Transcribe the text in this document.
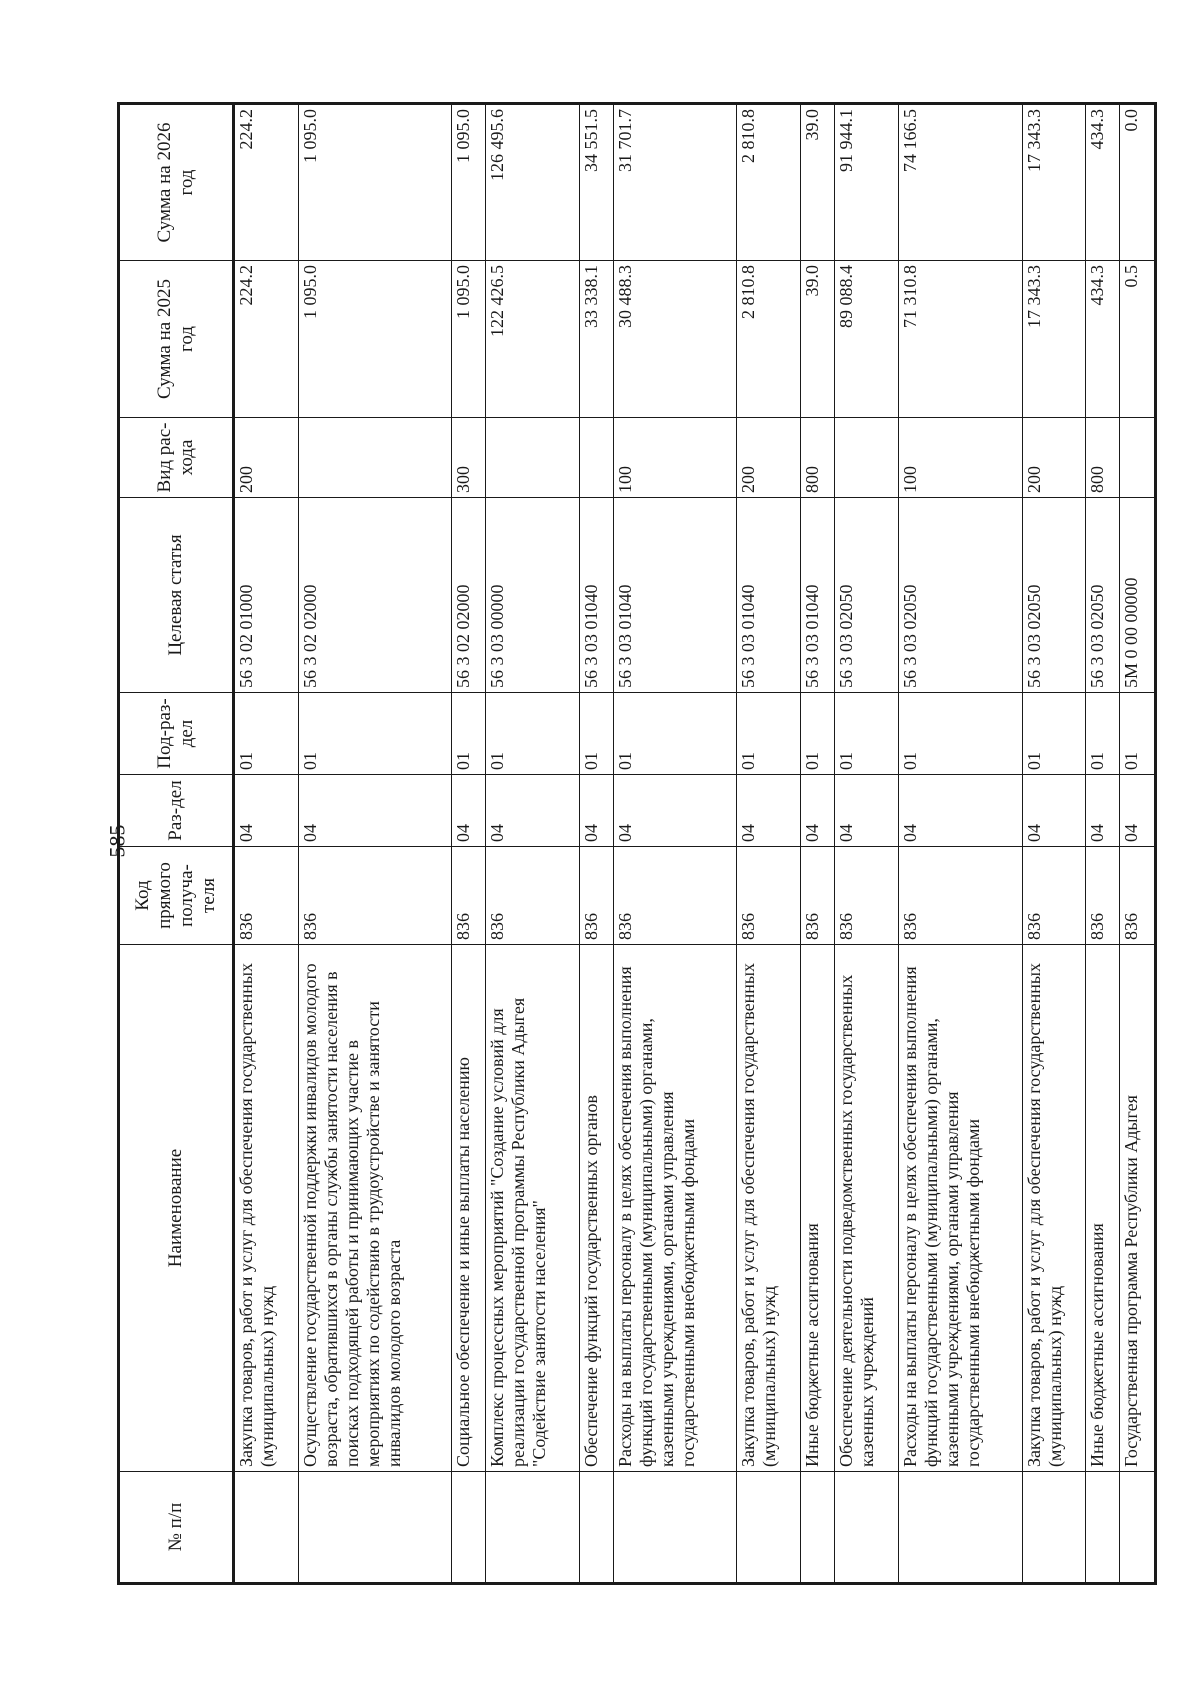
- 585 -
№ п/п	Наименование	Код прямого получа-теля	Раз-дел	Под-раз-дел	Целевая статья	Вид рас-хода	Сумма на 2025 год	Сумма на 2026 год
	Закупка товаров, работ и услуг для обеспечения государственных (муниципальных) нужд	836	04	01	56 3 02 01000	200	224.2	224.2
	Осуществление государственной поддержки инвалидов молодого возраста, обратившихся в органы службы занятости населения в поисках подходящей работы и принимающих участие в мероприятиях по содействию в трудоустройстве и занятости инвалидов молодого возраста	836	04	01	56 3 02 02000		1 095.0	1 095.0
	Социальное обеспечение и иные выплаты населению	836	04	01	56 3 02 02000	300	1 095.0	1 095.0
	Комплекс процессных мероприятий "Создание условий для реализации государственной программы Республики Адыгея "Содействие занятости населения"	836	04	01	56 3 03 00000		122 426.5	126 495.6
	Обеспечение функций государственных органов	836	04	01	56 3 03 01040		33 338.1	34 551.5
	Расходы на выплаты персоналу в целях обеспечения выполнения функций государственными (муниципальными) органами, казенными учреждениями, органами управления государственными внебюджетными фондами	836	04	01	56 3 03 01040	100	30 488.3	31 701.7
	Закупка товаров, работ и услуг для обеспечения государственных (муниципальных) нужд	836	04	01	56 3 03 01040	200	2 810.8	2 810.8
	Иные бюджетные ассигнования	836	04	01	56 3 03 01040	800	39.0	39.0
	Обеспечение деятельности подведомственных государственных казенных учреждений	836	04	01	56 3 03 02050		89 088.4	91 944.1
	Расходы на выплаты персоналу в целях обеспечения выполнения функций государственными (муниципальными) органами, казенными учреждениями, органами управления государственными внебюджетными фондами	836	04	01	56 3 03 02050	100	71 310.8	74 166.5
	Закупка товаров, работ и услуг для обеспечения государственных (муниципальных) нужд	836	04	01	56 3 03 02050	200	17 343.3	17 343.3
	Иные бюджетные ассигнования	836	04	01	56 3 03 02050	800	434.3	434.3
	Государственная программа Республики Адыгея	836	04	01	5М 0 00 00000		0.5	0.0
